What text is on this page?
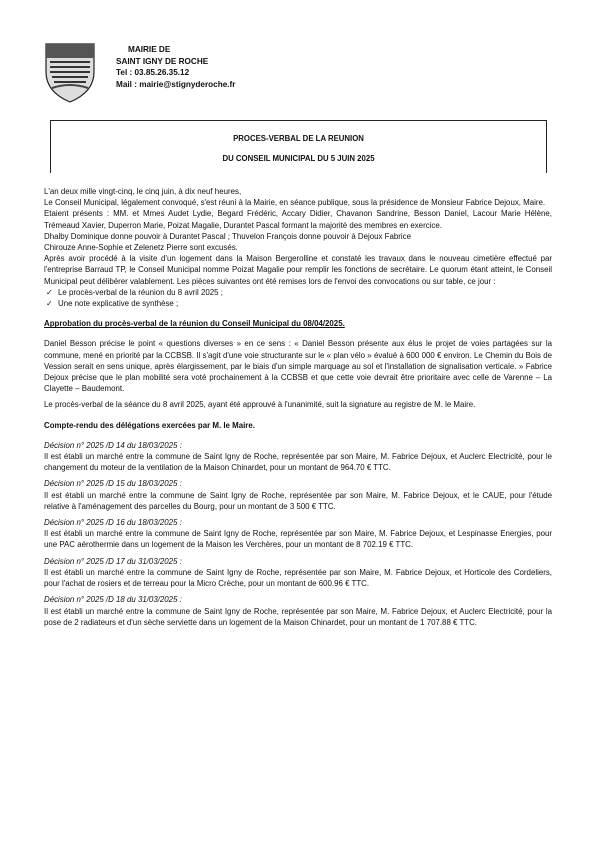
MAIRIE DE
SAINT IGNY DE ROCHE
Tel : 03.85.26.35.12
Mail : mairie@stignyderoche.fr
PROCES-VERBAL DE LA REUNION
DU CONSEIL MUNICIPAL DU 5 JUIN 2025

L'an deux mille vingt-cinq, le cinq juin, à dix neuf heures,

Le Conseil Municipal, légalement convoqué, s'est réuni à la Mairie, en séance publique, sous la présidence de Monsieur Fabrice Dejoux, Maire.

Etaient présents : MM. et Mmes Audet Lydie, Begard Frédéric, Accary Didier, Chavanon Sandrine, Besson Daniel, Lacour Marie Hélène, Trémeaud Xavier, Duperron Marie, Poizat Magalie, Durantet Pascal formant la majorité des membres en exercice.

Dhalby Dominique donne pouvoir à Durantet Pascal ; Thuvelon François donne pouvoir à Dejoux Fabrice

Chirouze Anne-Sophie et Zelenetz Pierre sont excusés.

Après avoir procédé à la visite d'un logement dans la Maison Bergerolline et constaté les travaux dans le nouveau cimetière effectué par l'entreprise Barraud TP, le Conseil Municipal nomme Poizat Magalie pour remplir les fonctions de secrétaire. Le quorum étant atteint, le Conseil Municipal peut délibérer valablement. Les pièces suivantes ont été remises lors de l'envoi des convocations ou sur table, ce jour :

✓ Le procès-verbal de la réunion du 8 avril 2025 ;
✓ Une note explicative de synthèse ;

Approbation du procès-verbal de la réunion du Conseil Municipal du 08/04/2025.

Daniel Besson précise le point « questions diverses » en ce sens : « Daniel Besson présente aux élus le projet de voies partagées sur la commune, mené en priorité par la CCBSB. Il s'agit d'une voie structurante sur le « plan vélo » évalué à 600 000 € environ. Le Chemin du Bois de Vession serait en sens unique, après élargissement, par le biais d'un simple marquage au sol et l'installation de signalisation verticale. » Fabrice Dejoux précise que le plan mobilité sera voté prochainement à la CCBSB et que cette voie devrait être prioritaire avec celle de Varenne – La Clayette – Baudemont.

Le procès-verbal de la séance du 8 avril 2025, ayant été approuvé à l'unanimité, suit la signature au registre de M. le Maire.

Compte-rendu des délégations exercées par M. le Maire.

Décision n° 2025 /D 14 du 18/03/2025 :

Il est établi un marché entre la commune de Saint Igny de Roche, représentée par son Maire, M. Fabrice Dejoux, et Auclerc Electricité, pour le changement du moteur de la ventilation de la Maison Chinardet, pour un montant de 964.70 € TTC.

Décision n° 2025 /D 15 du 18/03/2025 :

Il est établi un marché entre la commune de Saint Igny de Roche, représentée par son Maire, M. Fabrice Dejoux, et le CAUE, pour l'étude relative à l'aménagement des parcelles du Bourg, pour un montant de 3 500 € TTC.

Décision n° 2025 /D 16 du 18/03/2025 :

Il est établi un marché entre la commune de Saint Igny de Roche, représentée par son Maire, M. Fabrice Dejoux, et Lespinasse Energies, pour une PAC aérothermie dans un logement de la Maison les Verchères, pour un montant de 8 702.19 € TTC.

Décision n° 2025 /D 17 du 31/03/2025 :

Il est établi un marché entre la commune de Saint Igny de Roche, représentée par son Maire, M. Fabrice Dejoux, et Horticole des Cordeliers, pour l'achat de rosiers et de terreau pour la Micro Crèche, pour un montant de 600.96 € TTC.

Décision n° 2025 /D 18 du 31/03/2025 :

Il est établi un marché entre la commune de Saint Igny de Roche, représentée par son Maire, M. Fabrice Dejoux, et Auclerc Electricité, pour la pose de 2 radiateurs et d'un sèche serviette dans un logement de la Maison Chinardet, pour un montant de 1 707.88 € TTC.
